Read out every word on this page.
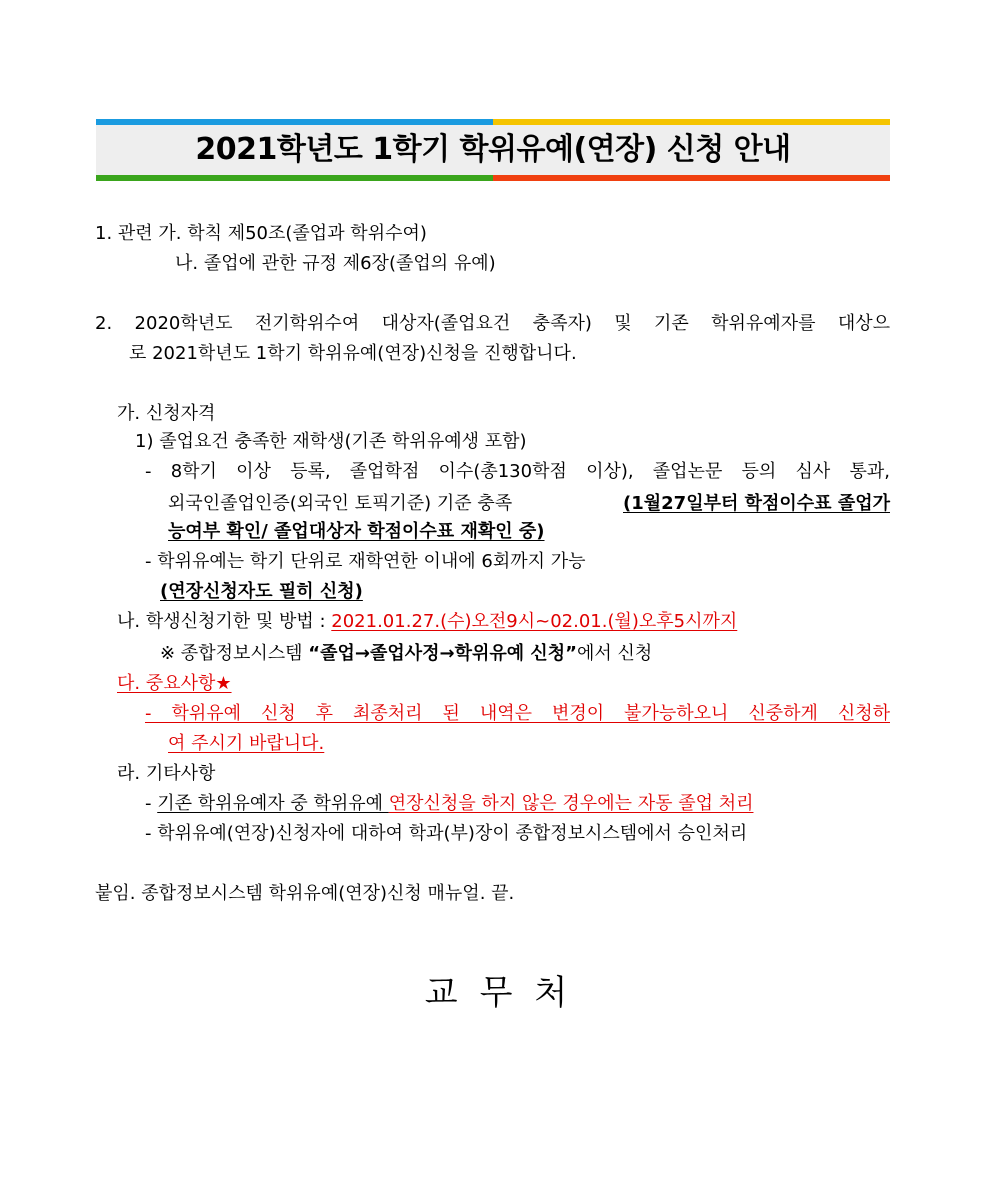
2021학년도 1학기 학위유예(연장) 신청 안내
1. 관련 가. 학칙 제50조(졸업과 학위수여)
나. 졸업에 관한 규정 제6장(졸업의 유예)
2. 2020학년도 전기학위수여 대상자(졸업요건 충족자) 및 기존 학위유예자를 대상으
로 2021학년도 1학기 학위유예(연장)신청을 진행합니다.
가. 신청자격
1) 졸업요건 충족한 재학생(기존 학위유예생 포함)
- 8학기 이상 등록, 졸업학점 이수(총130학점 이상), 졸업논문 등의 심사 통과,
외국인졸업인증(외국인 토픽기준) 기준 충족	(1월27일부터 학점이수표 졸업가
능여부 확인/ 졸업대상자 학점이수표 재확인 중)
- 학위유예는 학기 단위로 재학연한 이내에 6회까지 가능
(연장신청자도 필히 신청)
나. 학생신청기한 및 방법 : 2021.01.27.(수)오전9시~02.01.(월)오후5시까지
※ 종합정보시스템 “졸업→졸업사정→학위유예 신청”에서 신청
다. 중요사항★
- 학위유예 신청 후 최종처리 된 내역은 변경이 불가능하오니 신중하게 신청하
여 주시기 바랍니다.
라. 기타사항
- 기존 학위유예자 중 학위유예 연장신청을 하지 않은 경우에는 자동 졸업 처리
- 학위유예(연장)신청자에 대하여 학과(부)장이 종합정보시스템에서 승인처리
붙임. 종합정보시스템 학위유예(연장)신청 매뉴얼. 끝.
교무처
